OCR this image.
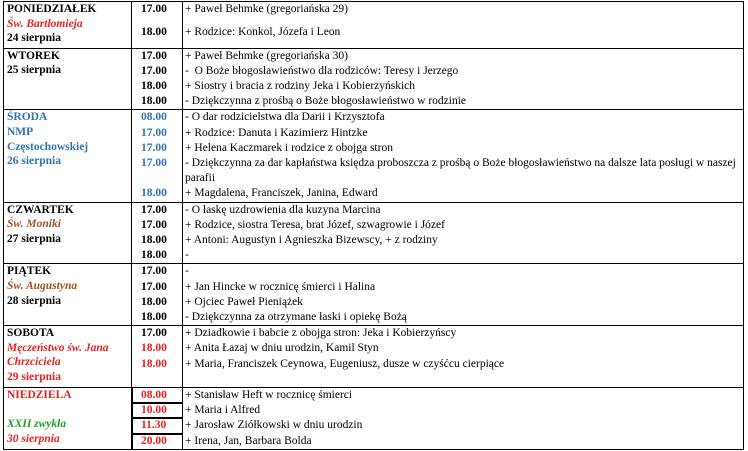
PONIEDZIAŁEK
Św. Bartłomieja
24 sierpnia	17.00	+ Paweł Behmke (gregoriańska 29)
	18.00	+ Rodzice: Konkol, Józefa i Leon

WTOREK
25 sierpnia	17.00	+ Paweł Behmke (gregoriańska 30)
	17.00	-  O Boże błogosławieństwo dla rodziców: Teresy i Jerzego
	18.00	+ Siostry i bracia z rodziny Jeka i Kobierzyńskich
	18.00	- Dziękczynna z prośbą o Boże błogosławieństwo w rodzinie

ŚRODA
NMP
Częstochowskiej
26 sierpnia	08.00	- O dar rodzicielstwa dla Darii i Krzysztofa
	17.00	+ Rodzice: Danuta i Kazimierz Hintzke
	17.00	+ Helena Kaczmarek i rodzice z obojga stron
	17.00	- Dziękczynna za dar kapłaństwa księdza proboszcza z prośbą o Boże błogosławieństwo na dalsze lata posługi w naszej parafii
	18.00	+ Magdalena, Franciszek, Janina, Edward

CZWARTEK
Św. Moniki
27 sierpnia	17.00	- O łaskę uzdrowienia dla kuzyna Marcina
	17.00	+ Rodzice, siostra Teresa, brat Józef, szwagrowie i Józef
	18.00	+ Antoni: Augustyn i Agnieszka Bizewscy, + z rodziny
	18.00	-

PIĄTEK
Św. Augustyna
28 sierpnia	17.00	-
	17.00	+ Jan Hincke w rocznicę śmierci i Halina
	18.00	+ Ojciec Paweł Pieniążek
	18.00	- Dziękczynna za otrzymane łaski i opiekę Bożą

SOBOTA
Męczeństwo św. Jana
Chrzciciela
29 sierpnia	17.00	+ Dziadkowie i babcie z obojga stron: Jeka i Kobierzyńscy
	18.00	+ Anita Łazaj w dniu urodzin, Kamil Styn
	18.00	+ Maria, Franciszek Ceynowa, Eugeniusz, dusze w czyśćcu cierpiące

NIEDZIELA

XXII zwykła
30 sierpnia	08.00	+ Stanisław Heft w rocznicę śmierci
	10.00	+ Maria i Alfred
	11.30	+ Jarosław Ziółkowski w dniu urodzin
	20.00	+ Irena, Jan, Barbara Bolda
